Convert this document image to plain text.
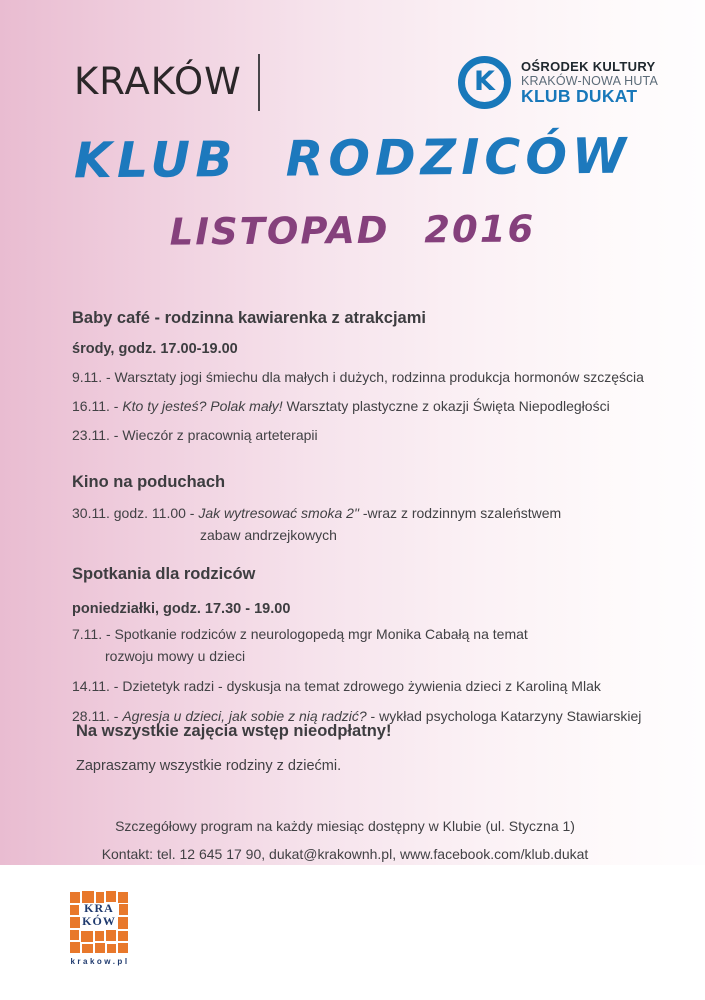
KRAKÓW	K OŚRODEK KULTURY
KRAKÓW-NOWA HUTA
KLUB DUKAT
KLUB RODZICÓW
LISTOPAD 2016
Baby café - rodzinna kawiarenka z atrakcjami
środy, godz. 17.00-19.00
9.11. - Warsztaty jogi śmiechu dla małych i dużych, rodzinna produkcja hormonów szczęścia
16.11. - Kto ty jesteś? Polak mały! Warsztaty plastyczne z okazji Święta Niepodległości
23.11. - Wieczór z pracownią arteterapii
Kino na poduchach
30.11. godz. 11.00 - Jak wytresować smoka 2" -wraz z rodzinnym szaleństwem
zabaw andrzejkowych
Spotkania dla rodziców
poniedziałki, godz. 17.30 - 19.00
7.11. - Spotkanie rodziców z neurologopedą mgr Monika Cabałą na temat
rozwoju mowy u dzieci
14.11. - Dzietetyk radzi - dyskusja na temat zdrowego żywienia dzieci z Karoliną Mlak
28.11. - Agresja u dzieci, jak sobie z nią radzić? - wykład psychologa Katarzyny Stawiarskiej
Na wszystkie zajęcia wstęp nieodpłatny!
Zapraszamy wszystkie rodziny z dziećmi.
Szczegółowy program na każdy miesiąc dostępny w Klubie (ul. Styczna 1)
Kontakt: tel. 12 645 17 90, dukat@krakownh.pl, www.facebook.com/klub.dukat
KRA
KÓW
krakow.pl
